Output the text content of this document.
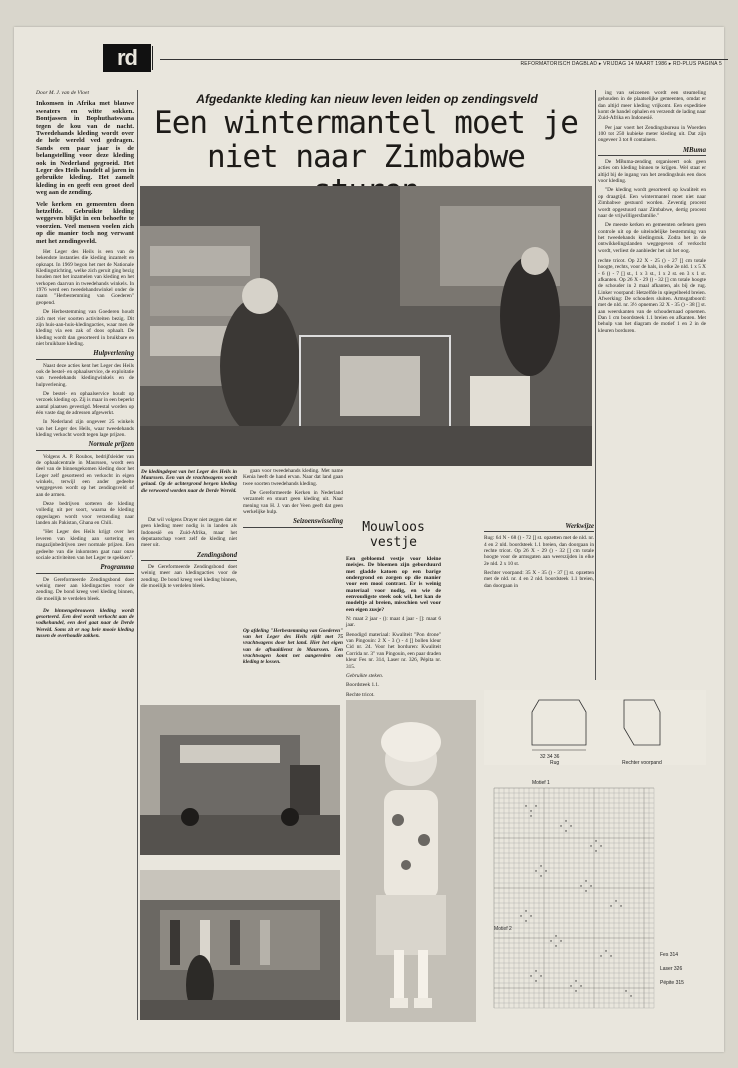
rd	REFORMATORISCH DAGBLAD ▸ VRIJDAG 14 MAART 1986 ▸ RD-PLUS PAGINA 5
Door M. J. van de Vloet
Inkomsen in Afrika met blauwe sweaters en witte sokken. Bontjassen in Bophuthatswana tegen de kou van de nacht. Tweedehands kleding wordt over de hele wereld ved gedragen. Sands een paar jaar is de belangstelling voor deze kleding ook in Nederland gegroeid. Het Leger des Heils handelt al jaren in gebruikte kleding. Het zamelt kleding in en geeft een groot deel weg aan de zending.
Vele kerken en gemeenten doen hetzelfde. Gebruikte kleding weggeven blijkt in een behoefte te voorzien. Veel mensen voelen zich op die manier toch nog verwant met het zendingsveld.

Het Leger des Heils is een van de bekendste instanties die kleding inzamelt en opknapt. In 1969 begon het met de Nationale Kledingstichting, welke zich geruit ging bezig houden met het inzamelen van kleding en het verkopen daarvan in tweedehands winkels. In 1976 werd een tweedehandswinkel onder de naam "Herbestemming van Goederen" geopend.

De Herbestemming van Goederen houdt zich met vier soorten activiteiten bezig. Dit zijn huis-aan-huis-kledingacties, waar men de kleding via een zak of doos ophaalt. De kleding wordt dan gesorteerd in bruikbare en niet bruikbare kleding.

Hulpverlening

Naast deze acties kent het Leger des Heils ook de bestel- en ophaalservice, de exploitatie van tweedehands kledingwinkels en de hulpverlening.

De bestel- en ophaalservice houdt op verzoek kleding op. Zij is maar in een beperkt aantal plaatsen gevestigd. Meestal worden op één vaste dag de adressen afgewerkt.

In Nederland zijn ongeveer 25 winkels van het Leger des Heils, waar tweedehands kleding verkocht wordt tegen lage prijzen.

Normale prijzen

Volgens A. P. Roubos, bedrijfsleider van de ophaalcentrale in Maurssen, wordt een deel van de binnengekomen kleding door het Leger zelf gesorteerd en verkocht in eigen winkels, terwijl een ander gedeelte weggegeven wordt op het zendingsveld of aan de armen.

Deze bedrijven sorteren de kleding volledig uit per soort, waarna de kleding opgeslagen wordt voor verzending naar landen als Pakistan, Ghana en Chili.

"Het Leger des Heils krijgt over het leveren van kleding aan sortering en magazijnbedrijven zeer normale prijzen. Een gedeelte van die inkomsten gaat naar onze sociale activiteiten van het Leger te spekken".

Programma

De Gereformeerde Zendingsbond doet weinig meer aan kledingacties voor de zending. De bond kreeg veel kleding binnen, die moeilijk te verdelen bleek.

De binnengebrouwen kleding wordt gesorteerd. Een deel wordt verkocht aan de vodkehandel, een deel gaat naar de Derde Wereld. Soms zit er nog hele mooie kleding tussen de overhoudle zakken.

Afgedankte kleding kan nieuw leven leiden op zendingsveld
Een wintermantel moet je niet naar Zimbabwe
De kledingdepot van het Leger des Heils in Maurssen. Een van de vrachtwagens wordt gelaad. Op de achtergrond bergen kleding die verwoerd worden naar de Derde Wereld.

Dat wil volgens Drayer niet zeggen dat er geen kleding meer nodig is in landen als Indonesië en Zuid-Afrika, maar het deputaatschap voert zelf de kleding niet meer uit.

Zendingsbond

De Gereformeerde Zendingsbond doet weinig meer aan kledingacties voor de zending. De bond kreeg veel kleding binnen, die moeilijk te verdelen bleek.

gaan voor tweedehands kleding. Met name Kenia heeft de hand ervan. Naar dat land gaan twee soorten tweedehands kleding.

De Gereformeerde Kerken in Nederland verzamelt en stuurt geen kleding uit. Naar mening van H. J. van der Veen geeft dat geen werkelijke hulp.

Seizoenswisseling
Op afdeling "Herbestemming van Goederen" van het Leger des Heils rijdt met 75 vrachtwagens door het land. Hier het eigen van de afhaaldienst in Maurssen. Een vrachtwagen komt net aangereden om kleding te lossen.
Mouwloos vestje

Een gebloemd vestje voor kleine meisjes. De bloemen zijn geborduurd met gladde katoen op een barige ondergrond en zorgen op die manier voor een mooi contrast. Er is weinig materiaal voor nodig, en wie de eenvoudigste steek ook wil, het kan de modeltje al breien, misschien wel voor een eigen zusje?

N: maat 2 jaar - (): maat 4 jaar - []: maat 6 jaar.

Benodigd materiaal: Kwaliteit "Pon drone" van Pingouin: 2 X - 3 () - 4 [] bollen kleur Cid nr. 24. Voor het borduren: Kwaliteit Corrida nr. 3" van Pingouin, een paar draden kleur Fes nr. 314, Laser nr. 326, Pépita nr. 315.

Gebruikte steken.

Boordsteek 1.1.

Rechte tricot.

Werkwijze

Rug: 64 N - 68 () - 72 [] st. opzetten met de nld. nr. 4 en 2 nld. boordsteek 1.1 breien, dan doorgaan in rechte tricot. Op 26 X - 29 () - 32 [] cm totale hoogte voor de armsgaten aan weerszijden in elke 2e nld. 2 x 10 st.

Rechter voorpand: 35 X - 35 () - 37 [] st. opzetten met de nld. nr. 4 en 2 nld. boordsteek 1.1 breien, dan doorgaan in

ing van seizoenen wordt een steameling gehouden in de plaatselijke gemeenten, omdat er dan altijd meer kleding vrijkomt. Een expeditiee komt de handel ophalen en verzendt de lading naar Zuid-Afrika en Indonesië.

Per jaar voert het Zendingsbureau in Woerden 100 tot 250 kubieke meter kleding uit. Dat zijn ongeveer 3 tot 8 containers.

MBuma

De MBuma-zending organiseert ook geen acties om kleding binnen te krijgen. Wel staat er altijd bij de ingang van het zendingshuis een doos voor kleding.

"De kleding wordt gesorteerd op kwaliteit en op draagtijd. Een wintermantel moet niet naar Zimbabwe gestuurd worden. Zeventig procent wordt opgestuurd naar Zimbabwe, dertig procent naar de vrijwilligersfamilie."

De meeste kerken en gemeenten oefenen geen controle uit op de uiteindelijke bestemming van het tweedehands kledingstuk. Zodra het in de ontwikkelingslanden weggegeven of verkocht wordt, verliest de aanbieder het uit het oog.

rechte tricot. Op 22 X - 25 () - 27 [] cm totale hoogte, rechts, voor de hals, in elke 2e nld. 1 x 5 X - 6 () - 7 [] st., 1 x 3 st., 1 x 2 st. en 3 x 1 st. afkanten. Op 26 X - 29 () - 32 [] cm totale hoogte de schouder in 2 maal afkanten, als bij de rug. Linker voorpand: Hetzelfde in spiegelbeeld breien. Afwerking: De schouders sluiten. Armsgatboord: met de nld. nr. 3½ opnemen 32 X - 35 () - 38 [] st. aan weerskanten van de schoudernaad opnemen. Dan 1 cm boordsteek 1.1 breien en afkanten. Met behulp van het diagram de motief 1 en 2 in de kleuren borduren.

32 34 36
Rug	Rechter voorpand
Motief 1
Motief 2
Fes 314
Laser 326
Pépite 315
×
×
×
×
×
×
×
×
×
×
×
×
×
×
×
×
×
×
×
×
×
×
×
×
×
×
×
×
×
×
×
×
×
×
×
×
×
×	×
×
×
×	×
×
